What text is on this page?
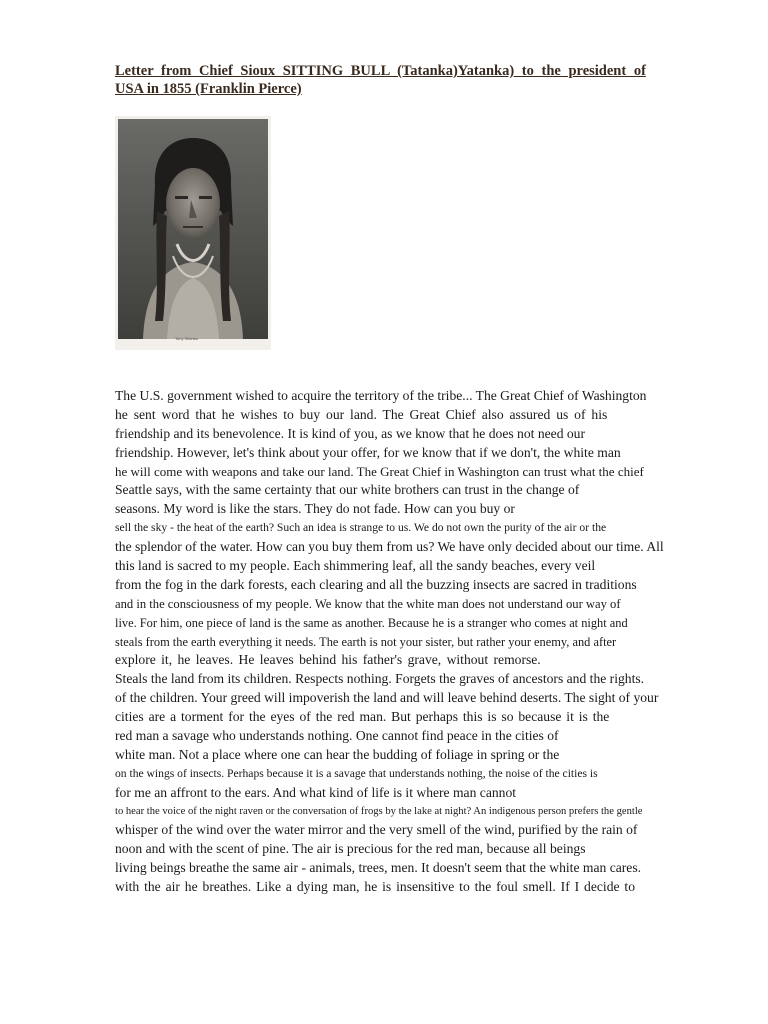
Letter from Chief Sioux SITTING BULL (Tatanka)Yatanka) to the president of
USA in 1855 (Franklin Pierce)
Tony Sitanka
The U.S. government wished to acquire the territory of the tribe... The Great Chief of Washington
he sent word that he wishes to buy our land. The Great Chief also assured us of his
friendship and its benevolence. It is kind of you, as we know that he does not need our
friendship. However, let's think about your offer, for we know that if we don't, the white man
he will come with weapons and take our land. The Great Chief in Washington can trust what the chief
Seattle says, with the same certainty that our white brothers can trust in the change of
seasons. My word is like the stars. They do not fade. How can you buy or
sell the sky - the heat of the earth? Such an idea is strange to us. We do not own the purity of the air or the
the splendor of the water. How can you buy them from us? We have only decided about our time. All
this land is sacred to my people. Each shimmering leaf, all the sandy beaches, every veil
from the fog in the dark forests, each clearing and all the buzzing insects are sacred in traditions
and in the consciousness of my people. We know that the white man does not understand our way of
live. For him, one piece of land is the same as another. Because he is a stranger who comes at night and
steals from the earth everything it needs. The earth is not your sister, but rather your enemy, and after
explore it, he leaves. He leaves behind his father's grave, without remorse.
Steals the land from its children. Respects nothing. Forgets the graves of ancestors and the rights.
of the children. Your greed will impoverish the land and will leave behind deserts. The sight of your
cities are a torment for the eyes of the red man. But perhaps this is so because it is the
red man a savage who understands nothing. One cannot find peace in the cities of
white man. Not a place where one can hear the budding of foliage in spring or the
on the wings of insects. Perhaps because it is a savage that understands nothing, the noise of the cities is
for me an affront to the ears. And what kind of life is it where man cannot
to hear the voice of the night raven or the conversation of frogs by the lake at night? An indigenous person prefers the gentle
whisper of the wind over the water mirror and the very smell of the wind, purified by the rain of
noon and with the scent of pine. The air is precious for the red man, because all beings
living beings breathe the same air - animals, trees, men. It doesn't seem that the white man cares.
with the air he breathes. Like a dying man, he is insensitive to the foul smell. If I decide to
